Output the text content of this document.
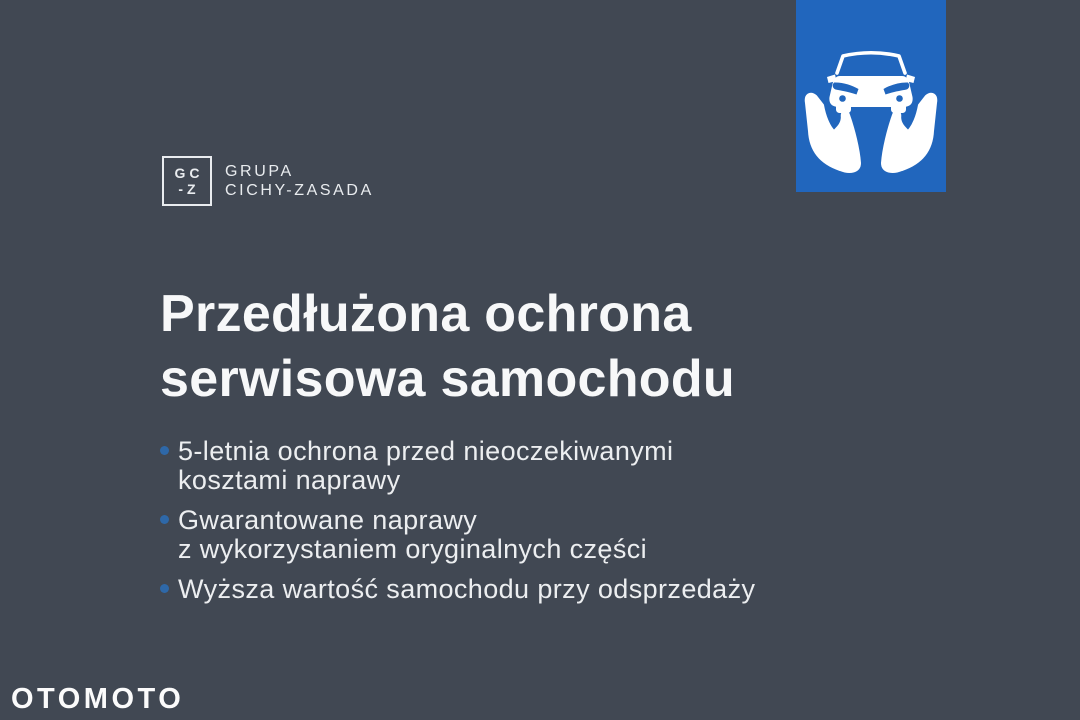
GC
-Z
GRUPA
CICHY-ZASADA
Przedłużona ochrona
serwisowa samochodu
5-letnia ochrona przed nieoczekiwanymi
kosztami naprawy
Gwarantowane naprawy
z wykorzystaniem oryginalnych części
Wyższa wartość samochodu przy odsprzedaży
OTOMOTO
